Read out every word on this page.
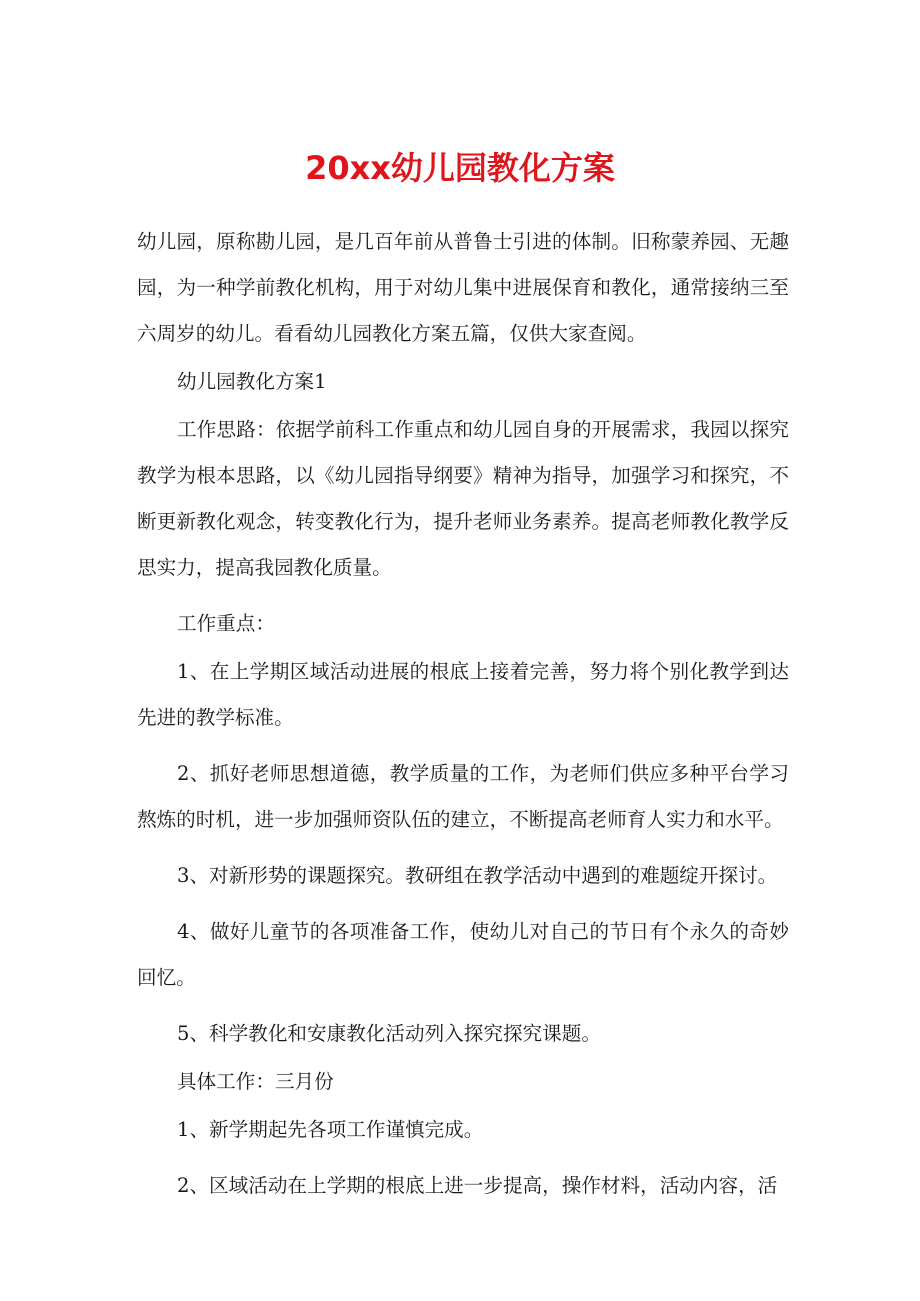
20xx幼儿园教化方案

幼儿园，原称勘儿园，是几百年前从普鲁士引进的体制。旧称蒙养园、无趣园，为一种学前教化机构，用于对幼儿集中进展保育和教化，通常接纳三至六周岁的幼儿。看看幼儿园教化方案五篇，仅供大家查阅。

幼儿园教化方案1

工作思路：依据学前科工作重点和幼儿园自身的开展需求，我园以探究教学为根本思路，以《幼儿园指导纲要》精神为指导，加强学习和探究，不断更新教化观念，转变教化行为，提升老师业务素养。提高老师教化教学反思实力，提高我园教化质量。

工作重点：

1、在上学期区域活动进展的根底上接着完善，努力将个别化教学到达先进的教学标准。

2、抓好老师思想道德，教学质量的工作，为老师们供应多种平台学习熬炼的时机，进一步加强师资队伍的建立，不断提高老师育人实力和水平。

3、对新形势的课题探究。教研组在教学活动中遇到的难题绽开探讨。

4、做好儿童节的各项准备工作，使幼儿对自己的节日有个永久的奇妙回忆。

5、科学教化和安康教化活动列入探究探究课题。

具体工作：三月份

1、新学期起先各项工作谨慎完成。

2、区域活动在上学期的根底上进一步提高，操作材料，活动内容，活
